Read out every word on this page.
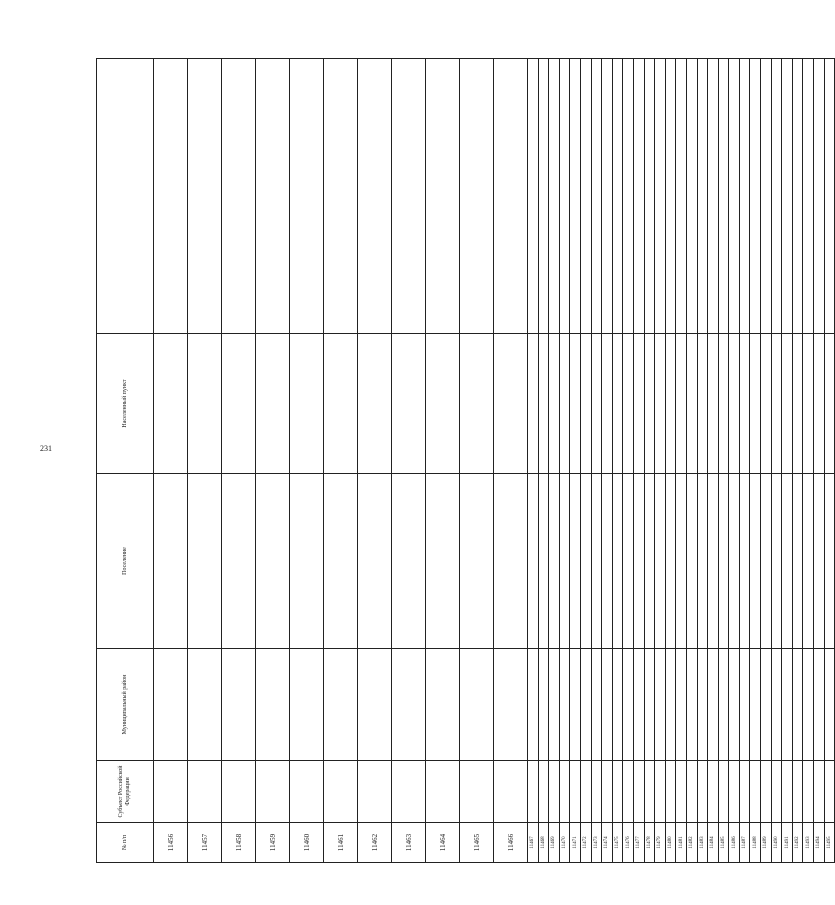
231
№ п/п	Субъект Российской Федерации	Муниципальный район	Поселение	Населенный пункт	
11456					
11457					
11458					
11459					
11460					
11461					
11462					
11463					
11464					
11465					
11466					
11467					
11468					
11469					
11470					
11471					
11472					
11473					
11474					
11475					
11476					
11477					
11478					
11479					
11480					
11481					
11482					
11483					
11484					
11485					
11486					
11487					
11488					
11489					
11490					
11491					
11492					
11493					
11494					
11495					
